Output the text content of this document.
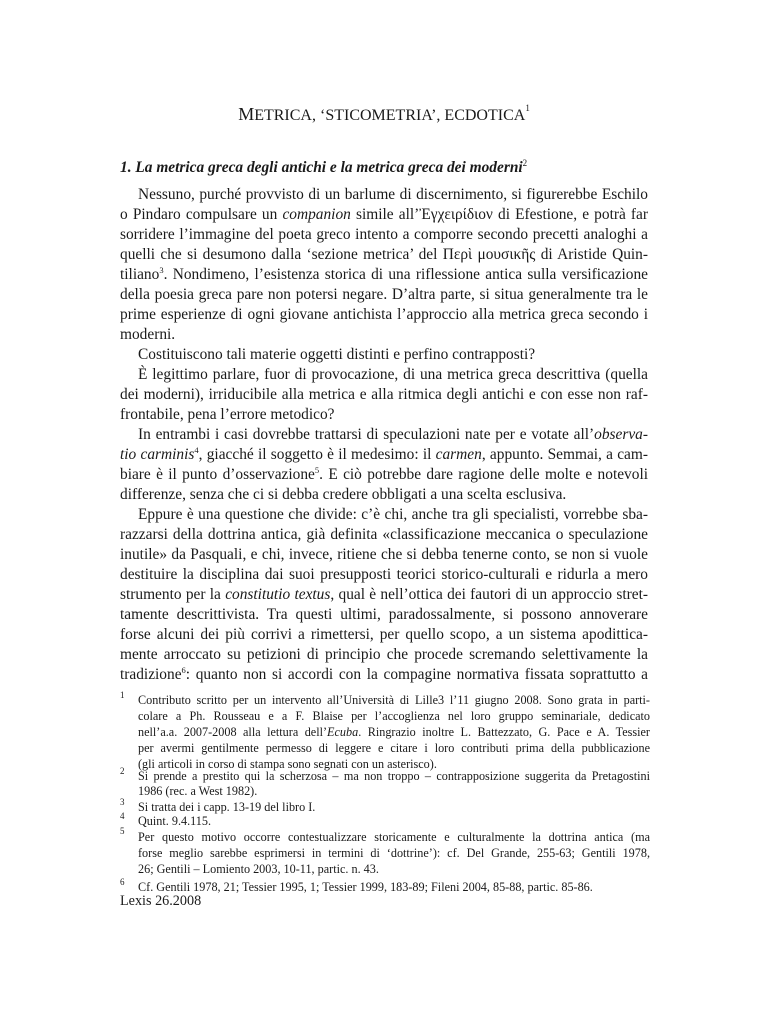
METRICA, ‘STICOMETRIA’, ECDOTICA$^1$
1. La metrica greca degli antichi e la metrica greca dei moderni$^2$
Nessuno, purché provvisto di un barlume di discernimento, si figurerebbe Eschilo
o Pindaro compulsare un companion simile all’Ἐγχειρίδιον di Efestione, e potrà far
sorridere l’immagine del poeta greco intento a comporre secondo precetti analoghi a
quelli che si desumono dalla ‘sezione metrica’ del Περὶ μουσικῆς di Aristide Quin-
tiliano$^3$. Nondimeno, l’esistenza storica di una riflessione antica sulla versificazione
della poesia greca pare non potersi negare. D’altra parte, si situa generalmente tra le
prime esperienze di ogni giovane antichista l’approccio alla metrica greca secondo i
moderni.
Costituiscono tali materie oggetti distinti e perfino contrapposti?
È legittimo parlare, fuor di provocazione, di una metrica greca descrittiva (quella
dei moderni), irriducibile alla metrica e alla ritmica degli antichi e con esse non raf-
frontabile, pena l’errore metodico?
In entrambi i casi dovrebbe trattarsi di speculazioni nate per e votate all’observa-
tio carminis$^4$, giacché il soggetto è il medesimo: il carmen, appunto. Semmai, a cam-
biare è il punto d’osservazione$^5$. E ciò potrebbe dare ragione delle molte e notevoli
differenze, senza che ci si debba credere obbligati a una scelta esclusiva.
Eppure è una questione che divide: c’è chi, anche tra gli specialisti, vorrebbe sba-
razzarsi della dottrina antica, già definita «classificazione meccanica o speculazione
inutile» da Pasquali, e chi, invece, ritiene che si debba tenerne conto, se non si vuole
destituire la disciplina dai suoi presupposti teorici storico-culturali e ridurla a mero
strumento per la constitutio textus, qual è nell’ottica dei fautori di un approccio stret-
tamente descrittivista. Tra questi ultimi, paradossalmente, si possono annoverare
forse alcuni dei più corrivi a rimettersi, per quello scopo, a un sistema apodittica-
mente arroccato su petizioni di principio che procede scremando selettivamente la
tradizione$^6$: quanto non si accordi con la compagine normativa fissata soprattutto a
1 Contributo scritto per un intervento all’Università di Lille3 l’11 giugno 2008. Sono grata in parti-
colare a Ph. Rousseau e a F. Blaise per l’accoglienza nel loro gruppo seminariale, dedicato
nell’a.a. 2007-2008 alla lettura dell’Ecuba. Ringrazio inoltre L. Battezzato, G. Pace e A. Tessier
per avermi gentilmente permesso di leggere e citare i loro contributi prima della pubblicazione
(gli articoli in corso di stampa sono segnati con un asterisco).
2 Si prende a prestito qui la scherzosa – ma non troppo – contrapposizione suggerita da Pretagostini
1986 (rec. a West 1982).
3 Si tratta dei i capp. 13-19 del libro I.
4 Quint. 9.4.115.
5 Per questo motivo occorre contestualizzare storicamente e culturalmente la dottrina antica (ma
forse meglio sarebbe esprimersi in termini di ‘dottrine’): cf. Del Grande, 255-63; Gentili 1978,
26; Gentili – Lomiento 2003, 10-11, partic. n. 43.
6 Cf. Gentili 1978, 21; Tessier 1995, 1; Tessier 1999, 183-89; Fileni 2004, 85-88, partic. 85-86.
Lexis 26.2008
